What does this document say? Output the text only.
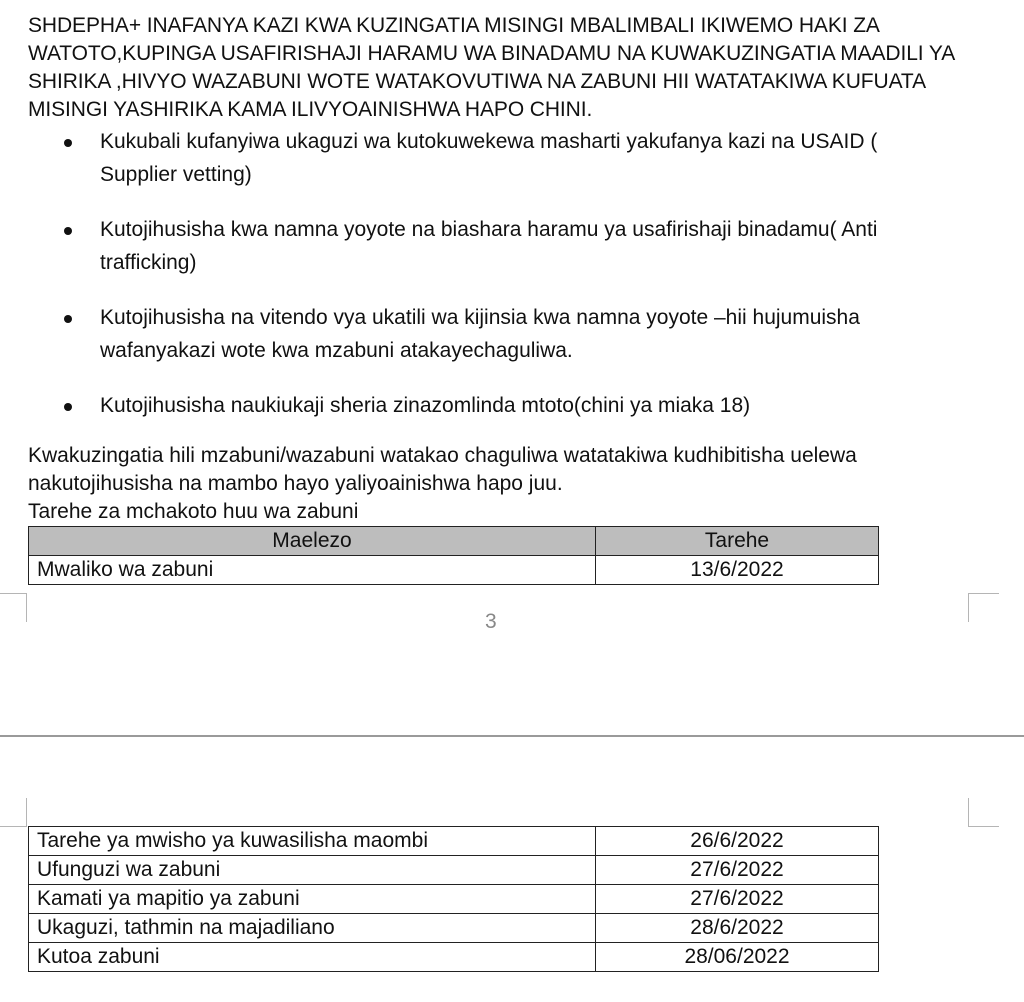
SHDEPHA+ INAFANYA KAZI KWA KUZINGATIA MISINGI MBALIMBALI IKIWEMO HAKI ZA WATOTO,KUPINGA USAFIRISHAJI HARAMU WA BINADAMU NA KUWAKUZINGATIA MAADILI YA SHIRIKA ,HIVYO WAZABUNI WOTE WATAKOVUTIWA NA ZABUNI HII WATATAKIWA KUFUATA MISINGI YASHIRIKA KAMA ILIVYOAINISHWA HAPO CHINI.

Kukubali kufanyiwa ukaguzi wa kutokuwekewa masharti yakufanya kazi na USAID ( Supplier vetting)
Kutojihusisha kwa namna yoyote na biashara haramu ya usafirishaji binadamu( Anti trafficking)
Kutojihusisha na vitendo vya ukatili wa kijinsia kwa namna yoyote –hii hujumuisha wafanyakazi wote kwa mzabuni atakayechaguliwa.
Kutojihusisha naukiukaji sheria zinazomlinda mtoto(chini ya miaka 18)

Kwakuzingatia hili mzabuni/wazabuni watakao chaguliwa watatakiwa kudhibitisha uelewa nakutojihusisha na mambo hayo yaliyoainishwa hapo juu.

Tarehe za mchakoto huu wa zabuni

Maelezo	Tarehe
Mwaliko wa zabuni	13/6/2022
3
Tarehe ya mwisho ya kuwasilisha maombi	26/6/2022
Ufunguzi wa zabuni	27/6/2022
Kamati ya mapitio ya zabuni	27/6/2022
Ukaguzi, tathmin na majadiliano	28/6/2022
Kutoa zabuni	28/06/2022
